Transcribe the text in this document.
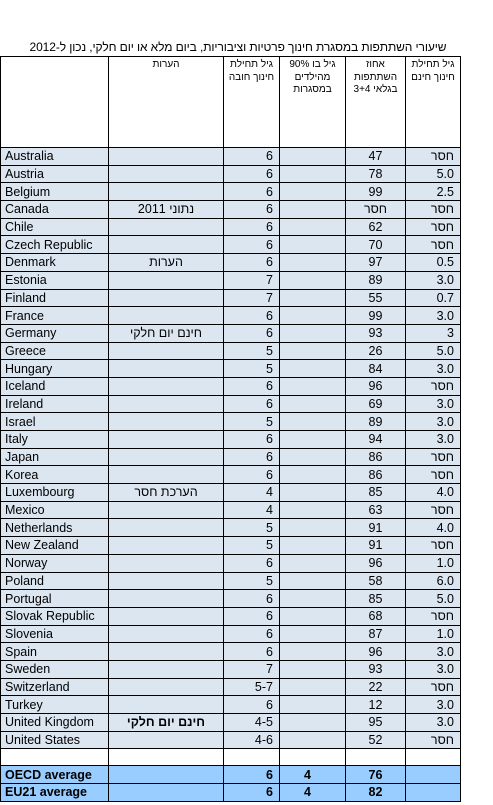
שיעורי השתתפות במסגרת חינוך פרטיות וציבוריות, ביום מלא או יום חלקי, נכון ל-2012
	הערות	גיל תחילת חינוך חובה	גיל בו 90% מהילדים במסגרות	אחוז השתתפות בגלאי 3+4	גיל תחילת חינוך חינם	
Australia		6		47	חסר	
Austria		6		78	5.0	
Belgium		6		99	2.5	
Canada	נתוני 2011	6		חסר	חסר	
Chile		6		62	חסר	
Czech Republic		6		70	חסר	
Denmark	הערות	6		97	0.5	
Estonia		7		89	3.0	
Finland		7		55	0.7	
France		6		99	3.0	
Germany	חינם יום חלקי	6		93	3	
Greece		5		26	5.0	
Hungary		5		84	3.0	
Iceland		6		96	חסר	
Ireland		6		69	3.0	
Israel		5		89	3.0	
Italy		6		94	3.0	
Japan		6		86	חסר	
Korea		6		86	חסר	
Luxembourg	הערכת חסר	4		85	4.0	
Mexico		4		63	חסר	
Netherlands		5		91	4.0	
New Zealand		5		91	חסר	
Norway		6		96	1.0	
Poland		5		58	6.0	
Portugal		6		85	5.0	
Slovak Republic		6		68	חסר	
Slovenia		6		87	1.0	
Spain		6		96	3.0	
Sweden		7		93	3.0	
Switzerland		5-7		22	חסר	
Turkey		6		12	3.0	
United Kingdom	חינם יום חלקי	4-5		95	3.0	
United States		4-6		52	חסר	

OECD average		6	4	76		
EU21 average		6	4	82		
